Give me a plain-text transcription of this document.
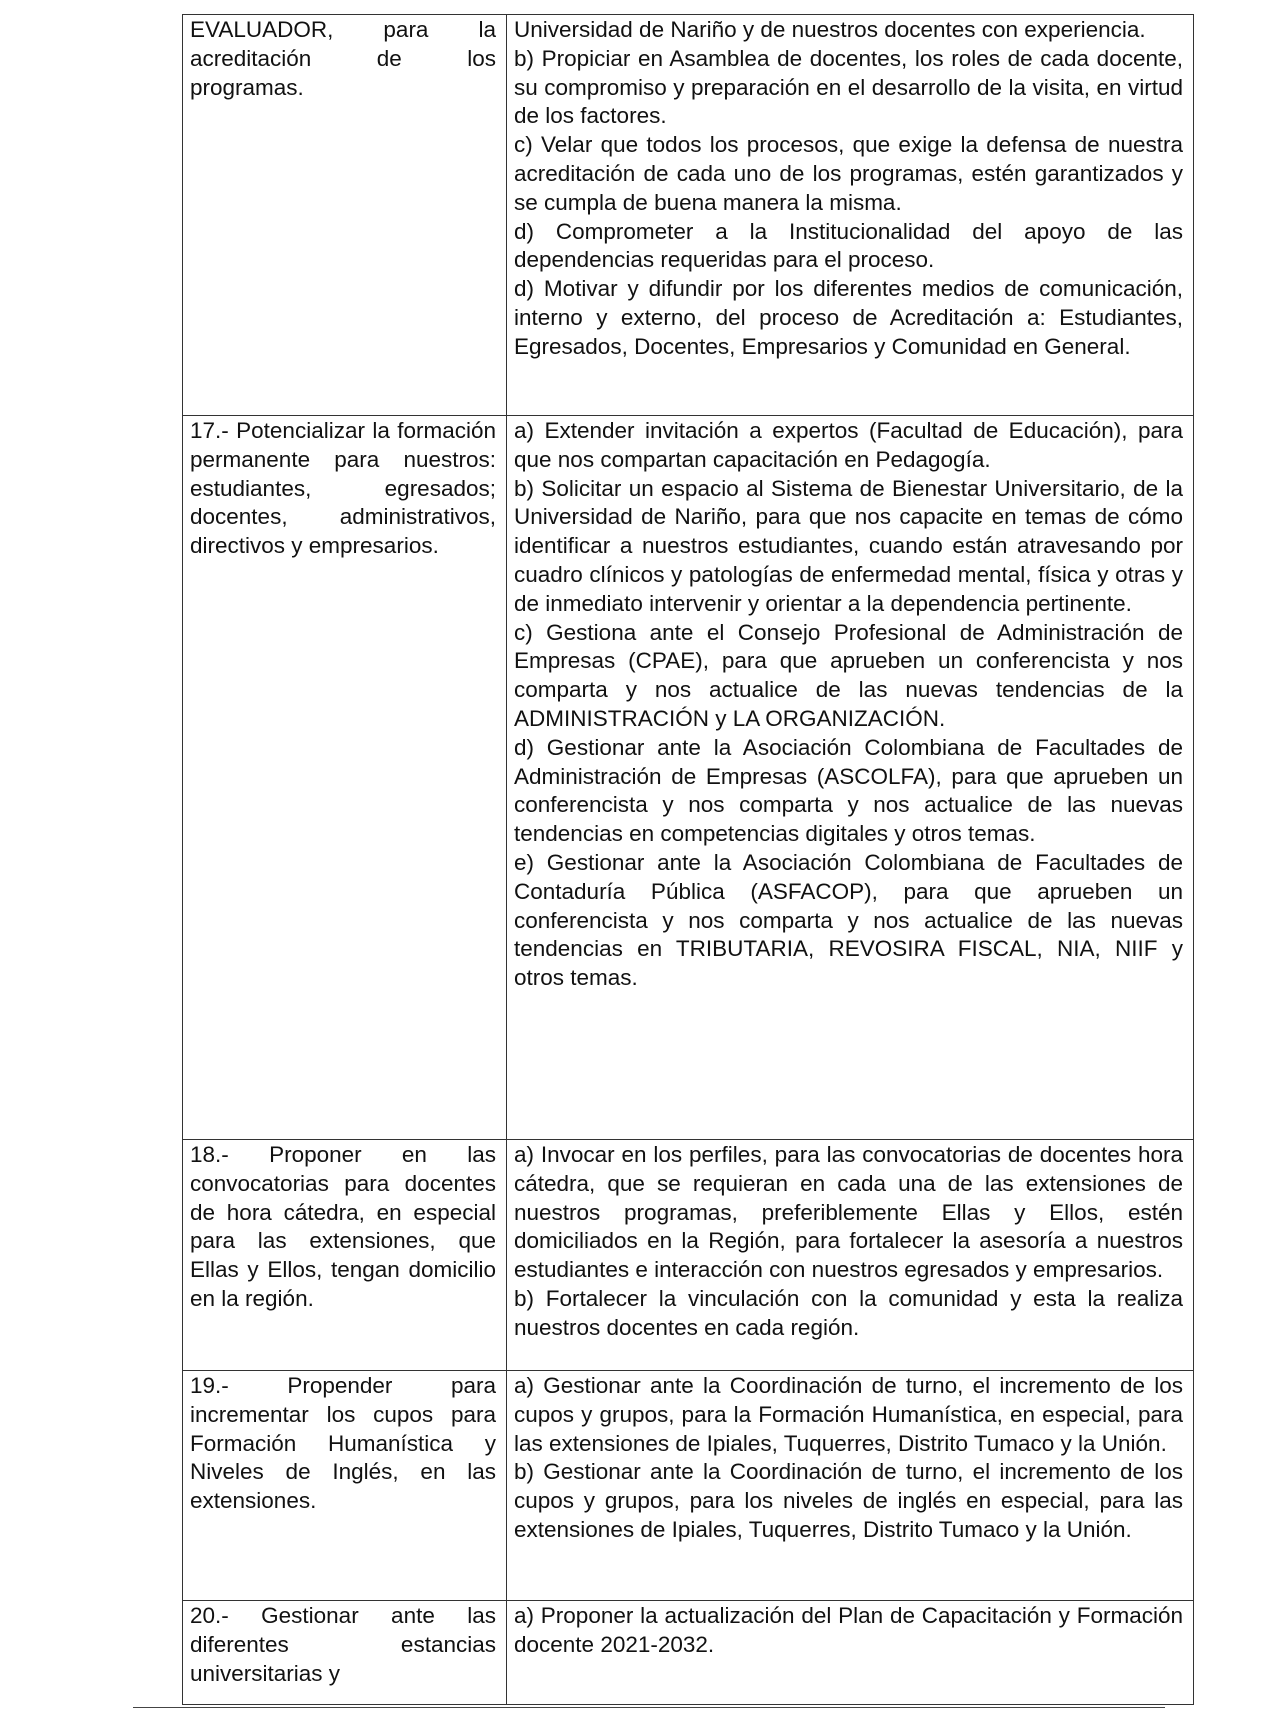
EVALUADOR, para la acreditación de los programas.	Universidad de Nariño y de nuestros docentes con experiencia.
b) Propiciar en Asamblea de docentes, los roles de cada docente, su compromiso y preparación en el desarrollo de la visita, en virtud de los factores.
c) Velar que todos los procesos, que exige la defensa de nuestra acreditación de cada uno de los programas, estén garantizados y se cumpla de buena manera la misma.
d) Comprometer a la Institucionalidad del apoyo de las dependencias requeridas para el proceso.
d) Motivar y difundir por los diferentes medios de comunicación, interno y externo, del proceso de Acreditación a: Estudiantes, Egresados, Docentes, Empresarios y Comunidad en General.

17.- Potencializar la formación permanente para nuestros: estudiantes, egresados; docentes, administrativos, directivos y empresarios.	a) Extender invitación a expertos (Facultad de Educación), para que nos compartan capacitación en Pedagogía.
b) Solicitar un espacio al Sistema de Bienestar Universitario, de la Universidad de Nariño, para que nos capacite en temas de cómo identificar a nuestros estudiantes, cuando están atravesando por cuadro clínicos y patologías de enfermedad mental, física y otras y de inmediato intervenir y orientar a la dependencia pertinente.
c) Gestiona ante el Consejo Profesional de Administración de Empresas (CPAE), para que aprueben un conferencista y nos comparta y nos actualice de las nuevas tendencias de la ADMINISTRACIÓN y LA ORGANIZACIÓN.
d) Gestionar ante la Asociación Colombiana de Facultades de Administración de Empresas (ASCOLFA), para que aprueben un conferencista y nos comparta y nos actualice de las nuevas tendencias en competencias digitales y otros temas.
e) Gestionar ante la Asociación Colombiana de Facultades de Contaduría Pública (ASFACOP), para que aprueben un conferencista y nos comparta y nos actualice de las nuevas tendencias en TRIBUTARIA, REVOSIRA FISCAL, NIA, NIIF y otros temas.

18.- Proponer en las convocatorias para docentes de hora cátedra, en especial para las extensiones, que Ellas y Ellos, tengan domicilio en la región.	a) Invocar en los perfiles, para las convocatorias de docentes hora cátedra, que se requieran en cada una de las extensiones de nuestros programas, preferiblemente Ellas y Ellos, estén domiciliados en la Región, para fortalecer la asesoría a nuestros estudiantes e interacción con nuestros egresados y empresarios.
b) Fortalecer la vinculación con la comunidad y esta la realiza nuestros docentes en cada región.

19.- Propender para incrementar los cupos para Formación Humanística y Niveles de Inglés, en las extensiones.	a) Gestionar ante la Coordinación de turno, el incremento de los cupos y grupos, para la Formación Humanística, en especial, para las extensiones de Ipiales, Tuquerres, Distrito Tumaco y la Unión.
b) Gestionar ante la Coordinación de turno, el incremento de los cupos y grupos, para los niveles de inglés en especial, para las extensiones de Ipiales, Tuquerres, Distrito Tumaco y la Unión.

20.- Gestionar ante las diferentes estancias universitarias y	a) Proponer la actualización del Plan de Capacitación y Formación docente 2021-2032.
